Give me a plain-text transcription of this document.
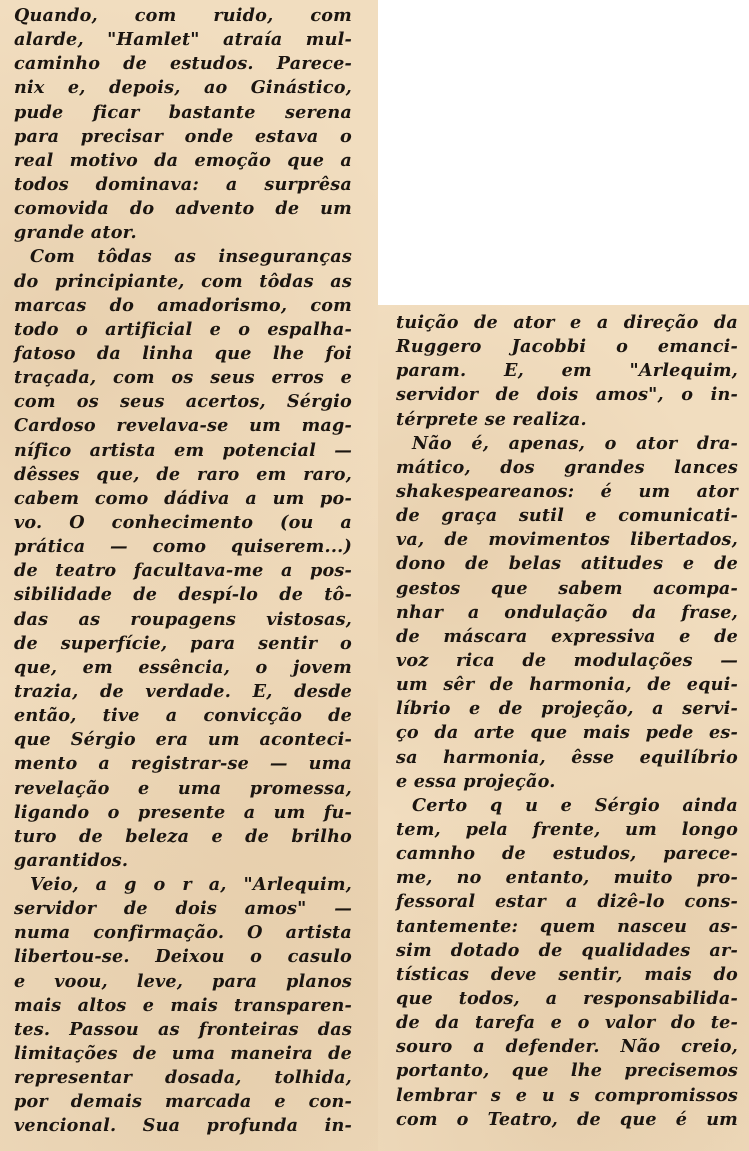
Quando, com ruido, com
alarde, "Hamlet" atraía mul-
caminho de estudos. Parece-
nix e, depois, ao Ginástico,
pude ficar bastante serena
para precisar onde estava o
real motivo da emoção que a
todos dominava: a surprêsa
comovida do advento de um
grande ator.
Com tôdas as inseguranças
do principiante, com tôdas as
marcas do amadorismo, com
todo o artificial e o espalha-
fatoso da linha que lhe foi
traçada, com os seus erros e
com os seus acertos, Sérgio
Cardoso revelava-se um mag-
nífico artista em potencial —
dêsses que, de raro em raro,
cabem como dádiva a um po-
vo. O conhecimento (ou a
prática — como quiserem...)
de teatro facultava-me a pos-
sibilidade de despí-lo de tô-
das as roupagens vistosas,
de superfície, para sentir o
que, em essência, o jovem
trazia, de verdade. E, desde
então, tive a convicção de
que Sérgio era um aconteci-
mento a registrar-se — uma
revelação e uma promessa,
ligando o presente a um fu-
turo de beleza e de brilho
garantidos.
Veio, a g o r a, "Arlequim,
servidor de dois amos" —
numa confirmação. O artista
libertou-se. Deixou o casulo
e voou, leve, para planos
mais altos e mais transparen-
tes. Passou as fronteiras das
limitações de uma maneira de
representar dosada, tolhida,
por demais marcada e con-
vencional. Sua profunda in-
tuição de ator e a direção da
Ruggero Jacobbi o emanci-
param. E, em "Arlequim,
servidor de dois amos", o in-
térprete se realiza.
Não é, apenas, o ator dra-
mático, dos grandes lances
shakespeareanos: é um ator
de graça sutil e comunicati-
va, de movimentos libertados,
dono de belas atitudes e de
gestos que sabem acompa-
nhar a ondulação da frase,
de máscara expressiva e de
voz rica de modulações —
um sêr de harmonia, de equi-
líbrio e de projeção, a servi-
ço da arte que mais pede es-
sa harmonia, êsse equilíbrio
e essa projeção.
Certo q u e Sérgio ainda
tem, pela frente, um longo
camnho de estudos, parece-
me, no entanto, muito pro-
fessoral estar a dizê-lo cons-
tantemente: quem nasceu as-
sim dotado de qualidades ar-
tísticas deve sentir, mais do
que todos, a responsabilida-
de da tarefa e o valor do te-
souro a defender. Não creio,
portanto, que lhe precisemos
lembrar s e u s compromissos
com o Teatro, de que é um
